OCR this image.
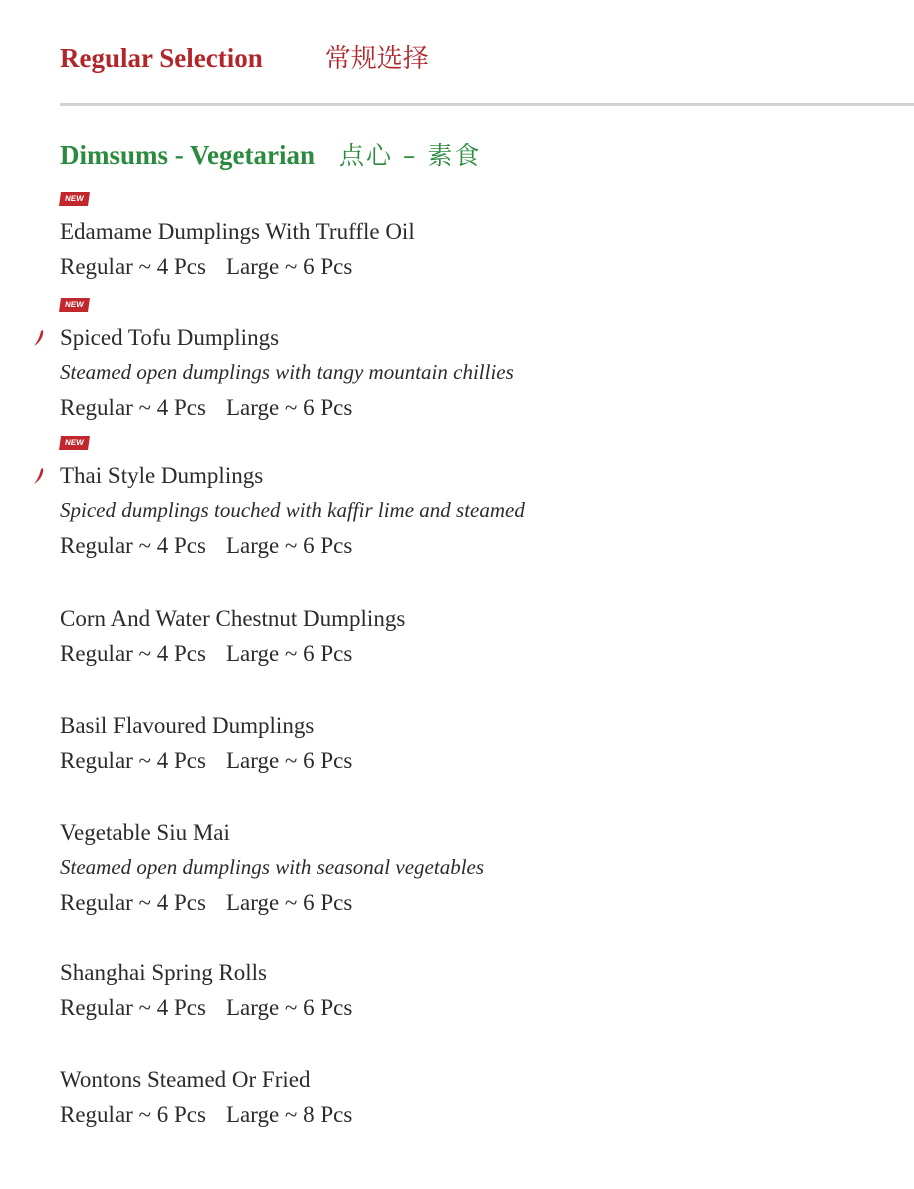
Regular Selection 常规选择
Dimsums - Vegetarian 点心 – 素食
NEW
Edamame Dumplings With Truffle Oil
Regular ~ 4 Pcs Large ~ 6 Pcs
NEW
Spiced Tofu Dumplings
Steamed open dumplings with tangy mountain chillies
Regular ~ 4 Pcs Large ~ 6 Pcs
NEW
Thai Style Dumplings
Spiced dumplings touched with kaffir lime and steamed
Regular ~ 4 Pcs Large ~ 6 Pcs
Corn And Water Chestnut Dumplings
Regular ~ 4 Pcs Large ~ 6 Pcs
Basil Flavoured Dumplings
Regular ~ 4 Pcs Large ~ 6 Pcs
Vegetable Siu Mai
Steamed open dumplings with seasonal vegetables
Regular ~ 4 Pcs Large ~ 6 Pcs
Shanghai Spring Rolls
Regular ~ 4 Pcs Large ~ 6 Pcs
Wontons Steamed Or Fried
Regular ~ 6 Pcs Large ~ 8 Pcs
